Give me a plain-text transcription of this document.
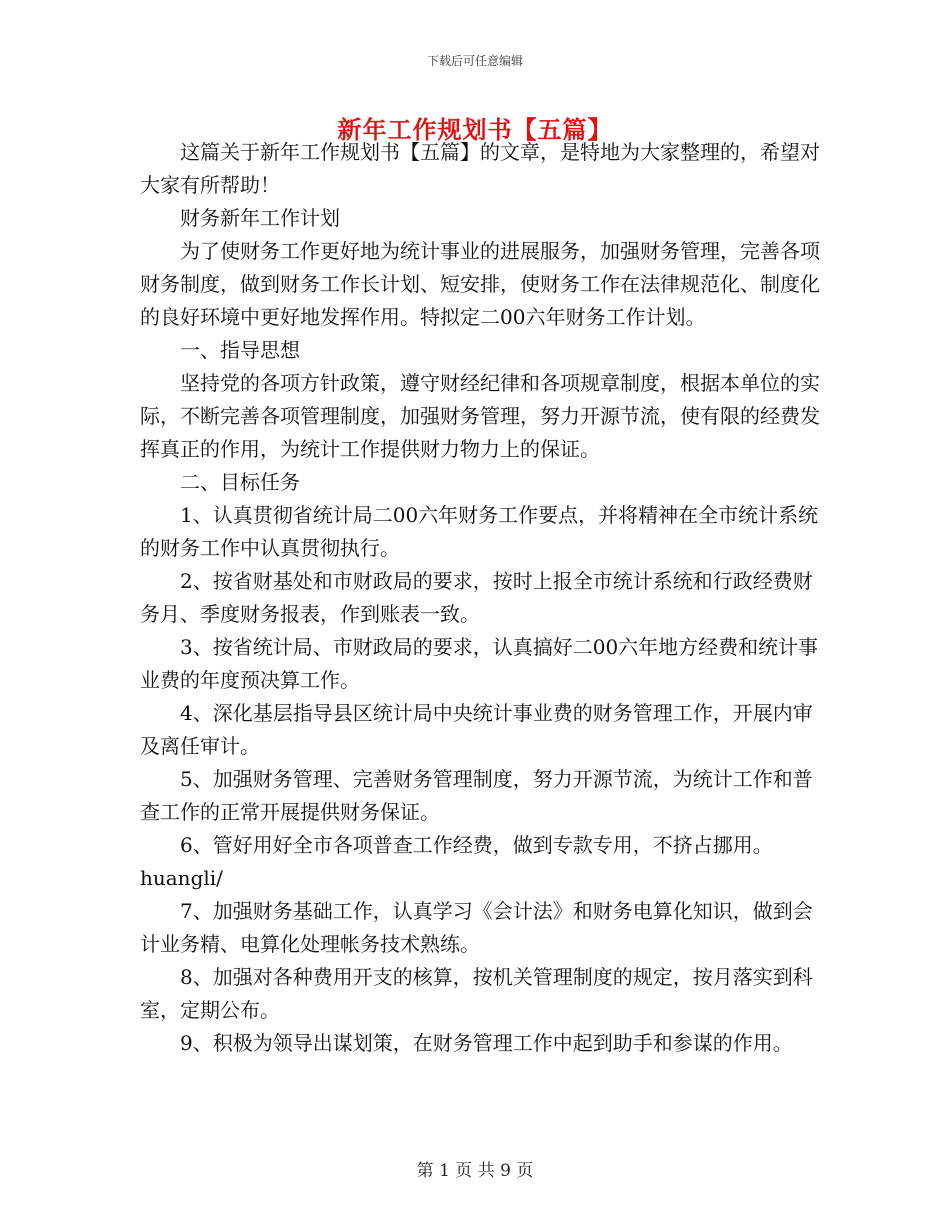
下载后可任意编辑
新年工作规划书【五篇】

这篇关于新年工作规划书【五篇】的文章，是特地为大家整理的，希望对大家有所帮助！

财务新年工作计划

为了使财务工作更好地为统计事业的进展服务，加强财务管理，完善各项财务制度，做到财务工作长计划、短安排，使财务工作在法律规范化、制度化的良好环境中更好地发挥作用。特拟定二00六年财务工作计划。

一、指导思想

坚持党的各项方针政策，遵守财经纪律和各项规章制度，根据本单位的实际，不断完善各项管理制度，加强财务管理，努力开源节流，使有限的经费发挥真正的作用，为统计工作提供财力物力上的保证。

二、目标任务

1、认真贯彻省统计局二00六年财务工作要点，并将精神在全市统计系统的财务工作中认真贯彻执行。

2、按省财基处和市财政局的要求，按时上报全市统计系统和行政经费财务月、季度财务报表，作到账表一致。

3、按省统计局、市财政局的要求，认真搞好二00六年地方经费和统计事业费的年度预决算工作。

4、深化基层指导县区统计局中央统计事业费的财务管理工作，开展内审及离任审计。

5、加强财务管理、完善财务管理制度，努力开源节流，为统计工作和普查工作的正常开展提供财务保证。

6、管好用好全市各项普查工作经费，做到专款专用，不挤占挪用。huangli/

7、加强财务基础工作，认真学习《会计法》和财务电算化知识，做到会计业务精、电算化处理帐务技术熟练。

8、加强对各种费用开支的核算，按机关管理制度的规定，按月落实到科室，定期公布。

9、积极为领导出谋划策，在财务管理工作中起到助手和参谋的作用。

第 1 页 共 9 页
